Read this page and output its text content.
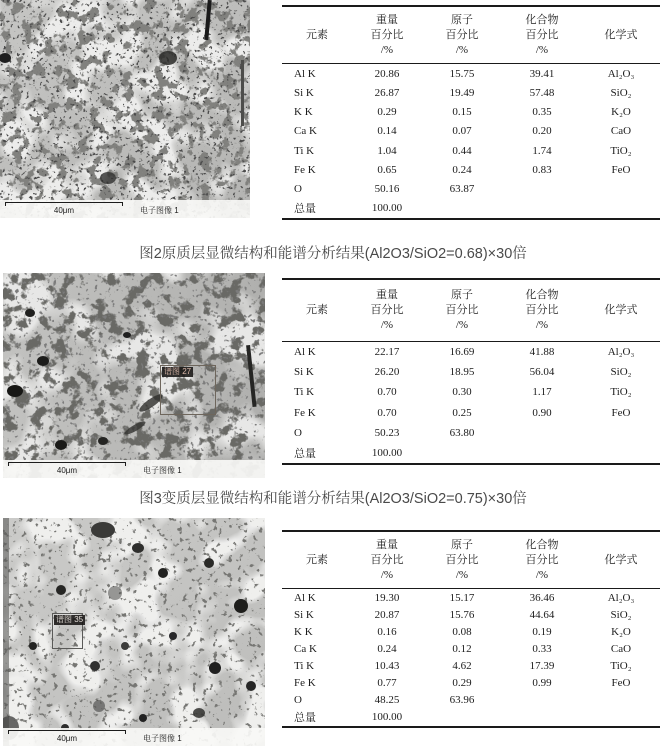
40μm	电子图像 1
元素
重量
百分比
/%
原子
百分比
/%
化合物
百分比
/%
化学式
Al K	20.86	15.75	39.41	Al₂O₃
Si K	26.87	19.49	57.48	SiO₂
K K	0.29	0.15	0.35	K₂O
Ca K	0.14	0.07	0.20	CaO
Ti K	1.04	0.44	1.74	TiO₂
Fe K	0.65	0.24	0.83	FeO
O	50.16	63.87
总量	100.00
图2原质层显微结构和能谱分析结果(Al2O3/SiO2=0.68)×30倍
谱图 27
40μm	电子图像 1
元素
重量
百分比
/%
原子
百分比
/%
化合物
百分比
/%
化学式
Al K	22.17	16.69	41.88	Al₂O₃
Si K	26.20	18.95	56.04	SiO₂
Ti K	0.70	0.30	1.17	TiO₂
Fe K	0.70	0.25	0.90	FeO
O	50.23	63.80
总量	100.00
图3变质层显微结构和能谱分析结果(Al2O3/SiO2=0.75)×30倍
谱图 35
40μm	电子图像 1
元素
重量
百分比
/%
原子
百分比
/%
化合物
百分比
/%
化学式
Al K	19.30	15.17	36.46	Al₂O₃
Si K	20.87	15.76	44.64	SiO₂
K K	0.16	0.08	0.19	K₂O
Ca K	0.24	0.12	0.33	CaO
Ti K	10.43	4.62	17.39	TiO₂
Fe K	0.77	0.29	0.99	FeO
O	48.25	63.96
总量	100.00
